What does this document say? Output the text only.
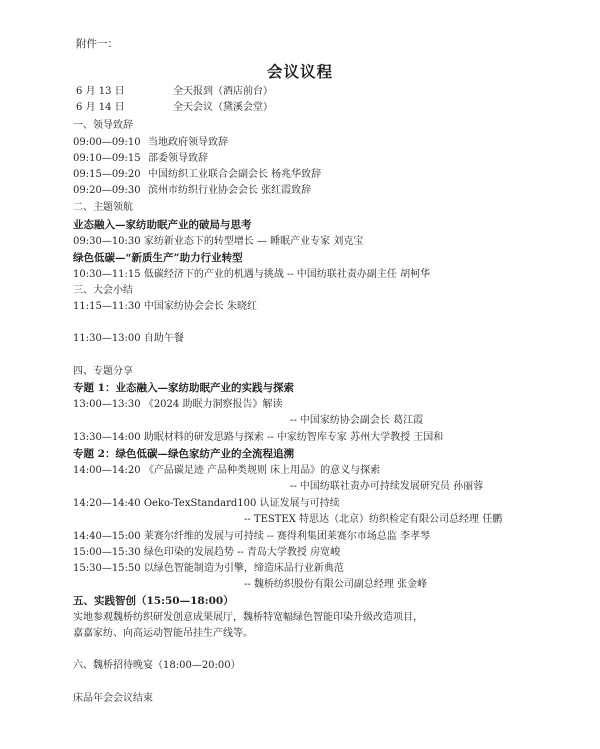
附件一：
会议议程
6 月 13 日	全天报到（酒店前台）
6 月 14 日	全天会议（黛溪会堂）
一、领导致辞
09:00—09:10 当地政府领导致辞
09:10—09:15 部委领导致辞
09:15—09:20 中国纺织工业联合会副会长 杨兆华致辞
09:20—09:30 滨州市纺织行业协会会长 张红霞致辞
二、主题领航
业态融入—家纺助眠产业的破局与思考
09:30—10:30 家纺新业态下的转型增长 — 睡眠产业专家 刘克宝
绿色低碳—“新质生产”助力行业转型
10:30—11:15 低碳经济下的产业的机遇与挑战 -- 中国纺联社责办副主任 胡柯华
三、大会小结
11:15—11:30 中国家纺协会会长 朱晓红
11:30—13:00 自助午餐
四、专题分享
专题 1：业态融入—家纺助眠产业的实践与探索
13:00—13:30 《2024 助眠力洞察报告》解读
-- 中国家纺协会副会长 葛江霞
13:30—14:00 助眠材料的研发思路与探索 -- 中家纺智库专家 苏州大学教授 王国和
专题 2：绿色低碳—绿色家纺产业的全流程追溯
14:00—14:20 《产品碳足迹 产品种类规则 床上用品》的意义与探索
-- 中国纺联社责办可持续发展研究员 孙丽蓉
14:20—14:40 Oeko-TexStandard100 认证发展与可持续
-- TESTEX 特思达（北京）纺织检定有限公司总经理 任鹏
14:40—15:00 莱赛尔纤维的发展与可持续 -- 赛得利集团莱赛尔市场总监 李孝琴
15:00—15:30 绿色印染的发展趋势 -- 青岛大学教授 房宽峻
15:30—15:50 以绿色智能制造为引擎，缔造床品行业新典范
-- 魏桥纺织股份有限公司副总经理 张金峰
五、实践智创（15:50—18:00）
实地参观魏桥纺织研发创意成果展厅，魏桥特宽幅绿色智能印染升级改造项目，
嘉嘉家纺、向高运动智能吊挂生产线等。
六、魏桥招待晚宴（18:00—20:00）
床品年会会议结束
